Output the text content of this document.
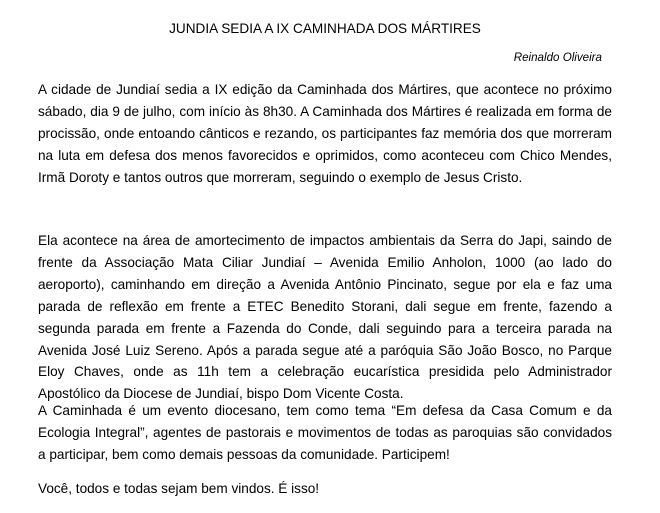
JUNDIA SEDIA A IX CAMINHADA DOS MÁRTIRES

Reinaldo Oliveira

A cidade de Jundiaí sedia a IX edição da Caminhada dos Mártires, que acontece no próximo sábado, dia 9 de julho, com início às 8h30. A Caminhada dos Mártires é realizada em forma de procissão, onde entoando cânticos e rezando, os participantes faz memória dos que morreram na luta em defesa dos menos favorecidos e oprimidos, como aconteceu com Chico Mendes, Irmã Doroty e tantos outros que morreram, seguindo o exemplo de Jesus Cristo.

Ela acontece na área de amortecimento de impactos ambientais da Serra do Japi, saindo de frente da Associação Mata Ciliar Jundiaí – Avenida Emilio Anholon, 1000 (ao lado do aeroporto), caminhando em direção a Avenida Antônio Pincinato, segue por ela e faz uma parada de reflexão em frente a ETEC Benedito Storani, dali segue em frente, fazendo a segunda parada em frente a Fazenda do Conde, dali seguindo para a terceira parada na Avenida José Luiz Sereno. Após a parada segue até a paróquia São João Bosco, no Parque Eloy Chaves, onde as 11h tem a celebração eucarística presidida pelo Administrador Apostólico da Diocese de Jundiaí, bispo Dom Vicente Costa.

A Caminhada é um evento diocesano, tem como tema “Em defesa da Casa Comum e da Ecologia Integral”, agentes de pastorais e movimentos de todas as paroquias são convidados a participar, bem como demais pessoas da comunidade. Participem!

Você, todos e todas sejam bem vindos. É isso!
